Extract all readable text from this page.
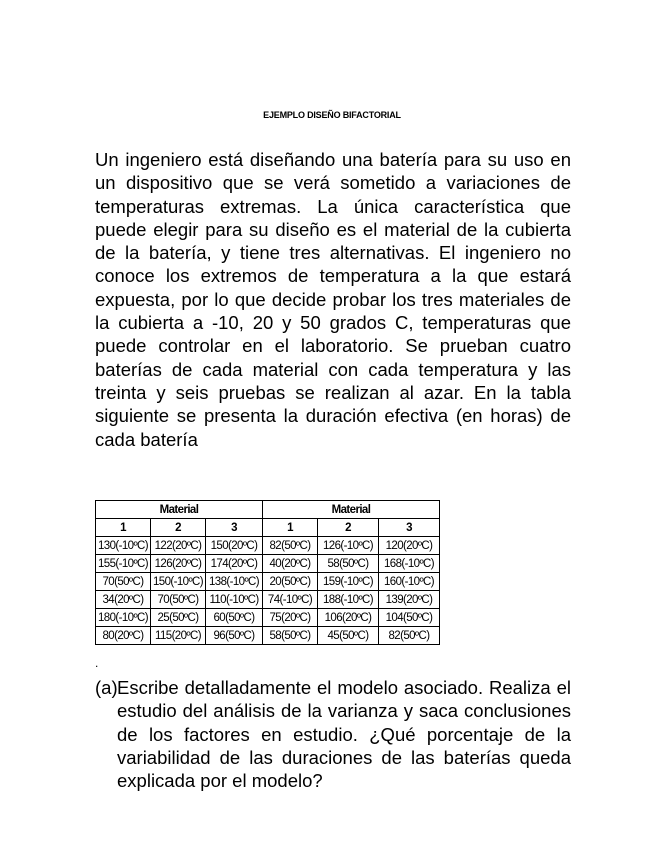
EJEMPLO DISEÑO BIFACTORIAL
Un ingeniero está diseñando una batería para su uso en un dispositivo que se verá sometido a variaciones de temperaturas extremas. La única característica que puede elegir para su diseño es el material de la cubierta de la batería, y tiene tres alternativas. El ingeniero no conoce los extremos de temperatura a la que estará expuesta, por lo que decide probar los tres materiales de la cubierta a -10, 20 y 50 grados C, temperaturas que puede controlar en el laboratorio. Se prueban cuatro baterías de cada material con cada temperatura y las treinta y seis pruebas se realizan al azar. En la tabla siguiente se presenta la duración efectiva (en horas) de cada batería
Material			Material		
1	2	3	1	2	3
130(-10ºC)	122(20ºC)	150(20ºC)	82(50ºC)	126(-10ºC)	120(20ºC)
155(-10ºC)	126(20ºC)	174(20ºC)	40(20ºC)	58(50ºC)	168(-10ºC)
70(50ºC)	150(-10ºC)	138(-10ºC)	20(50ºC)	159(-10ºC)	160(-10ºC)
34(20ºC)	70(50ºC)	110(-10ºC)	74(-10ºC)	188(-10ºC)	139(20ºC)
180(-10ºC)	25(50ºC)	60(50ºC)	75(20ºC)	106(20ºC)	104(50ºC)
80(20ºC)	115(20ºC)	96(50ºC)	58(50ºC)	45(50ºC)	82(50ºC)
.
(a) Escribe detalladamente el modelo asociado. Realiza el estudio del análisis de la varianza y saca conclusiones de los factores en estudio. ¿Qué porcentaje de la variabilidad de las duraciones de las baterías queda explicada por el modelo?
